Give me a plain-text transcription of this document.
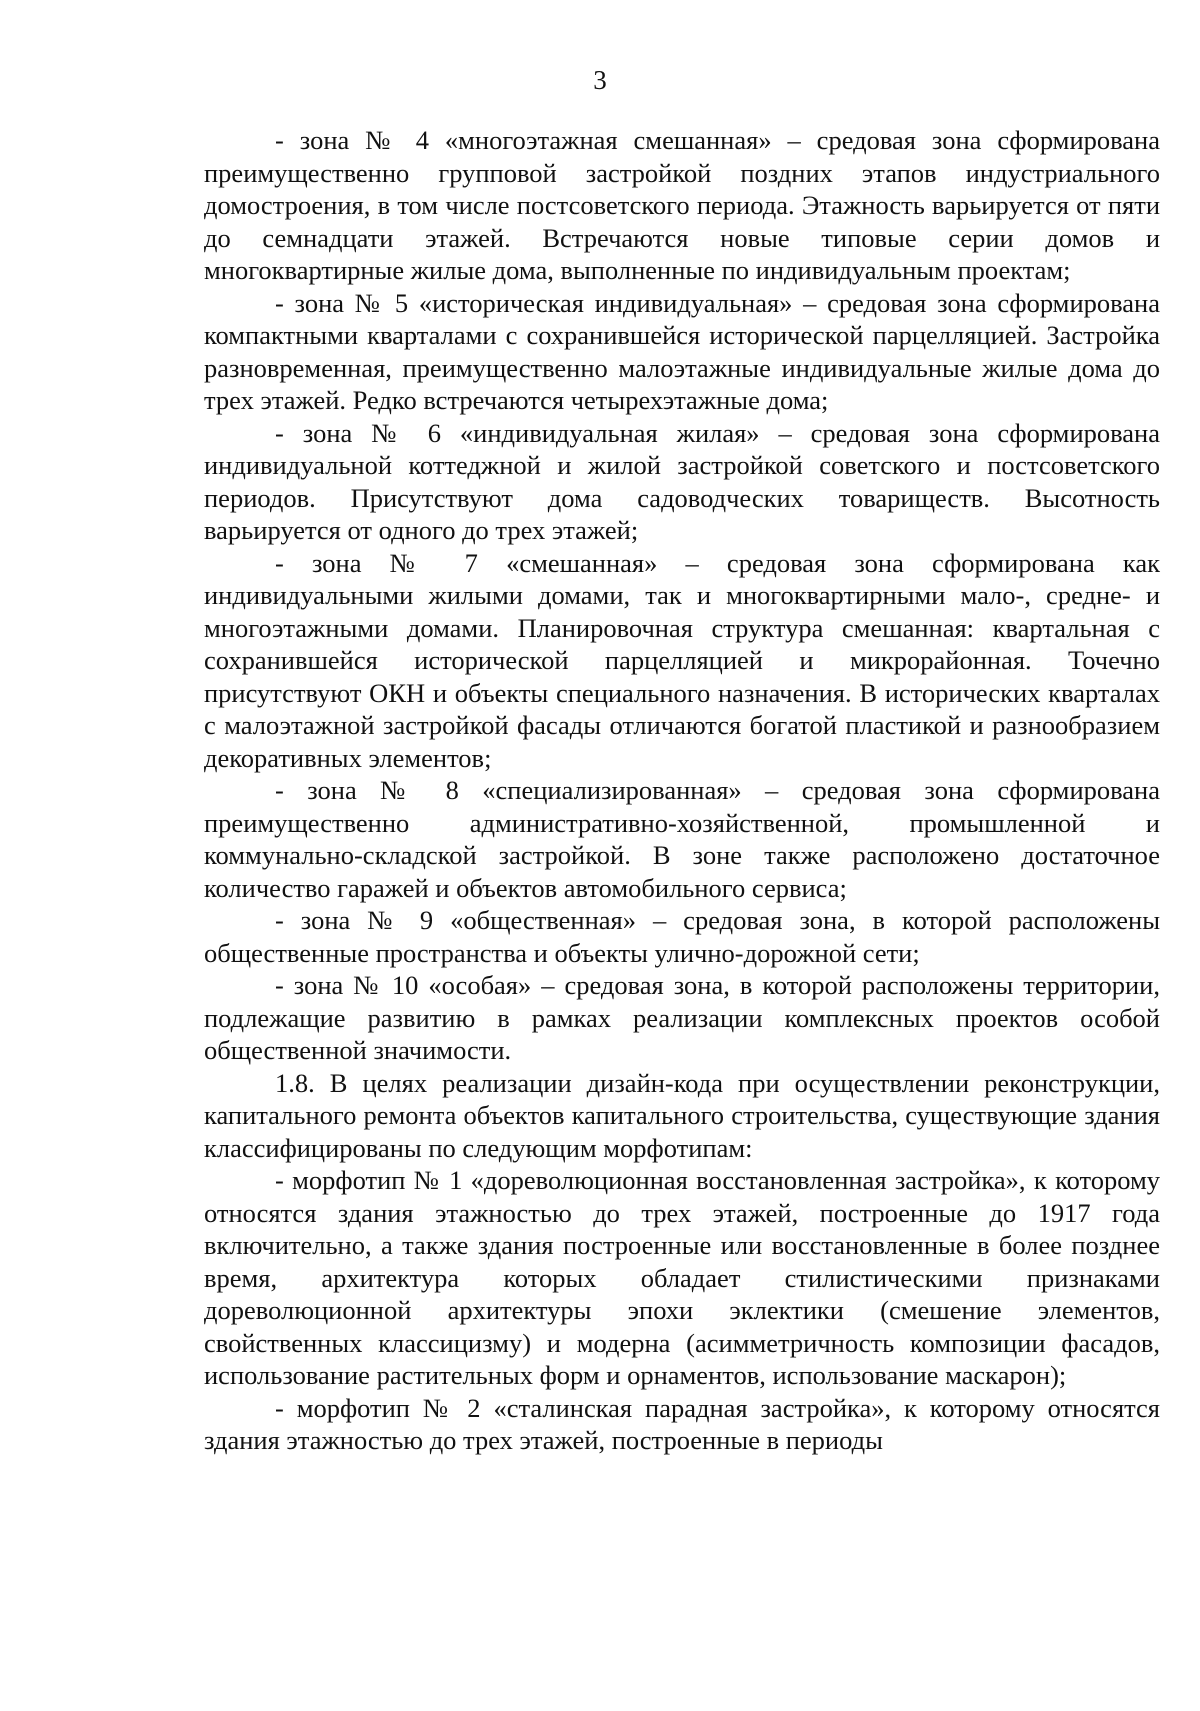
3

- зона № 4 «многоэтажная смешанная» – средовая зона сформирована преимущественно групповой застройкой поздних этапов индустриального домостроения, в том числе постсоветского периода. Этажность варьируется от пяти до семнадцати этажей. Встречаются новые типовые серии домов и многоквартирные жилые дома, выполненные по индивидуальным проектам;

- зона № 5 «историческая индивидуальная» – средовая зона сформирована компактными кварталами с сохранившейся исторической парцелляцией. Застройка разновременная, преимущественно малоэтажные индивидуальные жилые дома до трех этажей. Редко встречаются четырехэтажные дома;

- зона № 6 «индивидуальная жилая» – средовая зона сформирована индивидуальной коттеджной и жилой застройкой советского и постсоветского периодов. Присутствуют дома садоводческих товариществ. Высотность варьируется от одного до трех этажей;

- зона № 7 «смешанная» – средовая зона сформирована как индивидуальными жилыми домами, так и многоквартирными мало-, средне- и многоэтажными домами. Планировочная структура смешанная: квартальная с сохранившейся исторической парцелляцией и микрорайонная. Точечно присутствуют ОКН и объекты специального назначения. В исторических кварталах с малоэтажной застройкой фасады отличаются богатой пластикой и разнообразием декоративных элементов;

- зона № 8 «специализированная» – средовая зона сформирована преимущественно административно-хозяйственной, промышленной и коммунально-складской застройкой. В зоне также расположено достаточное количество гаражей и объектов автомобильного сервиса;

- зона № 9 «общественная» – средовая зона, в которой расположены общественные пространства и объекты улично-дорожной сети;

- зона № 10 «особая» – средовая зона, в которой расположены территории, подлежащие развитию в рамках реализации комплексных проектов особой общественной значимости.

1.8. В целях реализации дизайн-кода при осуществлении реконструкции, капитального ремонта объектов капитального строительства, существующие здания классифицированы по следующим морфотипам:

- морфотип № 1 «дореволюционная восстановленная застройка», к которому относятся здания этажностью до трех этажей, построенные до 1917 года включительно, а также здания построенные или восстановленные в более позднее время, архитектура которых обладает стилистическими признаками дореволюционной архитектуры эпохи эклектики (смешение элементов, свойственных классицизму) и модерна (асимметричность композиции фасадов, использование растительных форм и орнаментов, использование маскарон);

- морфотип № 2 «сталинская парадная застройка», к которому относятся здания этажностью до трех этажей, построенные в периоды
